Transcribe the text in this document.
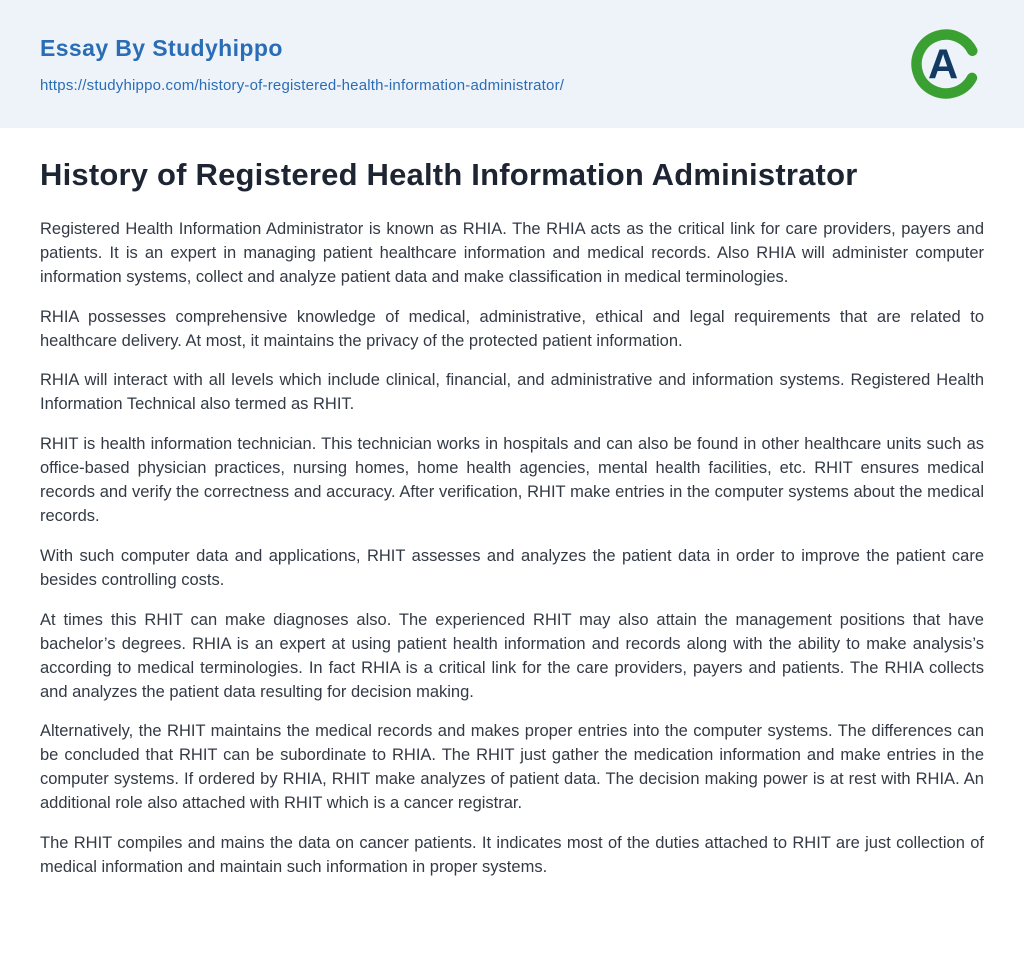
Essay By Studyhippo
https://studyhippo.com/history-of-registered-health-information-administrator/	A
History of Registered Health Information Administrator

Registered Health Information Administrator is known as RHIA. The RHIA acts as the critical link for care providers, payers and patients. It is an expert in managing patient healthcare information and medical records. Also RHIA will administer computer information systems, collect and analyze patient data and make classification in medical terminologies.

RHIA possesses comprehensive knowledge of medical, administrative, ethical and legal requirements that are related to healthcare delivery. At most, it maintains the privacy of the protected patient information.

RHIA will interact with all levels which include clinical, financial, and administrative and information systems. Registered Health Information Technical also termed as RHIT.

RHIT is health information technician. This technician works in hospitals and can also be found in other healthcare units such as office-based physician practices, nursing homes, home health agencies, mental health facilities, etc. RHIT ensures medical records and verify the correctness and accuracy. After verification, RHIT make entries in the computer systems about the medical records.

With such computer data and applications, RHIT assesses and analyzes the patient data in order to improve the patient care besides controlling costs.

At times this RHIT can make diagnoses also. The experienced RHIT may also attain the management positions that have bachelor’s degrees. RHIA is an expert at using patient health information and records along with the ability to make analysis’s according to medical terminologies. In fact RHIA is a critical link for the care providers, payers and patients. The RHIA collects and analyzes the patient data resulting for decision making.

Alternatively, the RHIT maintains the medical records and makes proper entries into the computer systems. The differences can be concluded that RHIT can be subordinate to RHIA. The RHIT just gather the medication information and make entries in the computer systems. If ordered by RHIA, RHIT make analyzes of patient data. The decision making power is at rest with RHIA. An additional role also attached with RHIT which is a cancer registrar.

The RHIT compiles and mains the data on cancer patients. It indicates most of the duties attached to RHIT are just collection of medical information and maintain such information in proper systems.
